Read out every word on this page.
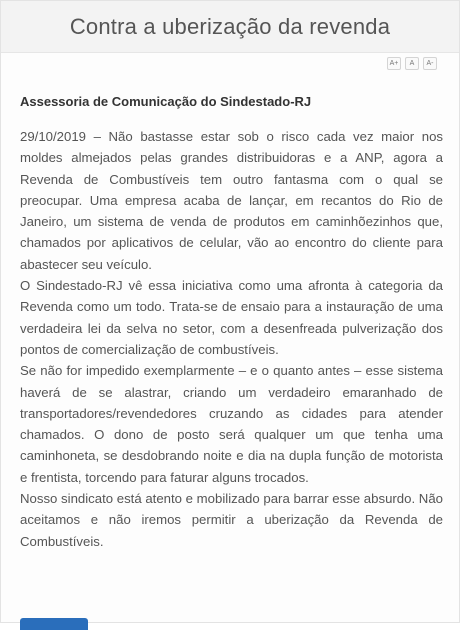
Contra a uberização da revenda
A+	A	A-
Assessoria de Comunicação do Sindestado-RJ

29/10/2019 – Não bastasse estar sob o risco cada vez maior nos moldes almejados pelas grandes distribuidoras e a ANP, agora a Revenda de Combustíveis tem outro fantasma com o qual se preocupar. Uma empresa acaba de lançar, em recantos do Rio de Janeiro, um sistema de venda de produtos em caminhõezinhos que, chamados por aplicativos de celular, vão ao encontro do cliente para abastecer seu veículo.

O Sindestado-RJ vê essa iniciativa como uma afronta à categoria da Revenda como um todo. Trata-se de ensaio para a instauração de uma verdadeira lei da selva no setor, com a desenfreada pulverização dos pontos de comercialização de combustíveis.

Se não for impedido exemplarmente – e o quanto antes – esse sistema haverá de se alastrar, criando um verdadeiro emaranhado de transportadores/revendedores cruzando as cidades para atender chamados. O dono de posto será qualquer um que tenha uma caminhoneta, se desdobrando noite e dia na dupla função de motorista e frentista, torcendo para faturar alguns trocados.

Nosso sindicato está atento e mobilizado para barrar esse absurdo. Não aceitamos e não iremos permitir a uberização da Revenda de Combustíveis.
